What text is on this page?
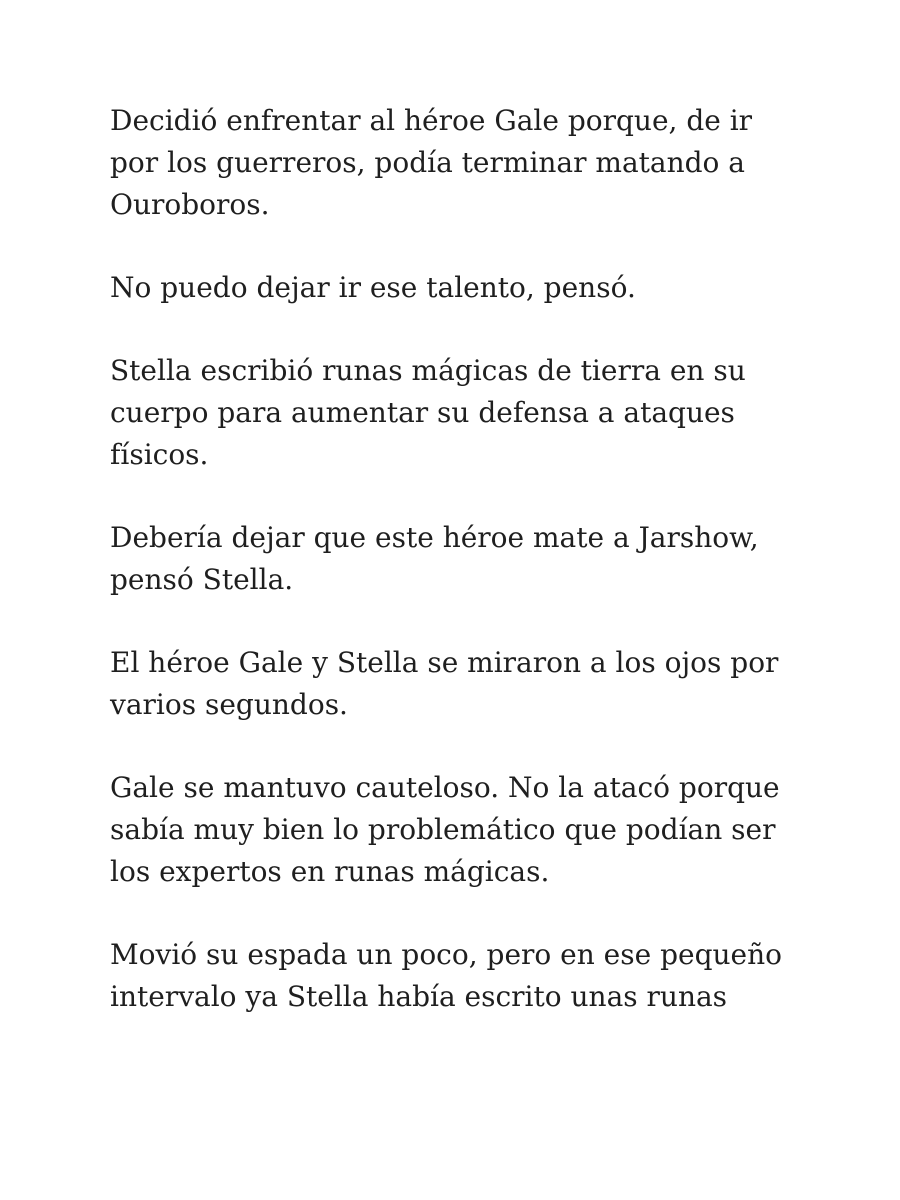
Decidió enfrentar al héroe Gale porque, de ir
por los guerreros, podía terminar matando a
Ouroboros.

No puedo dejar ir ese talento, pensó.

Stella escribió runas mágicas de tierra en su
cuerpo para aumentar su defensa a ataques
físicos.

Debería dejar que este héroe mate a Jarshow,
pensó Stella.

El héroe Gale y Stella se miraron a los ojos por
varios segundos.

Gale se mantuvo cauteloso. No la atacó porque
sabía muy bien lo problemático que podían ser
los expertos en runas mágicas.

Movió su espada un poco, pero en ese pequeño
intervalo ya Stella había escrito unas runas
